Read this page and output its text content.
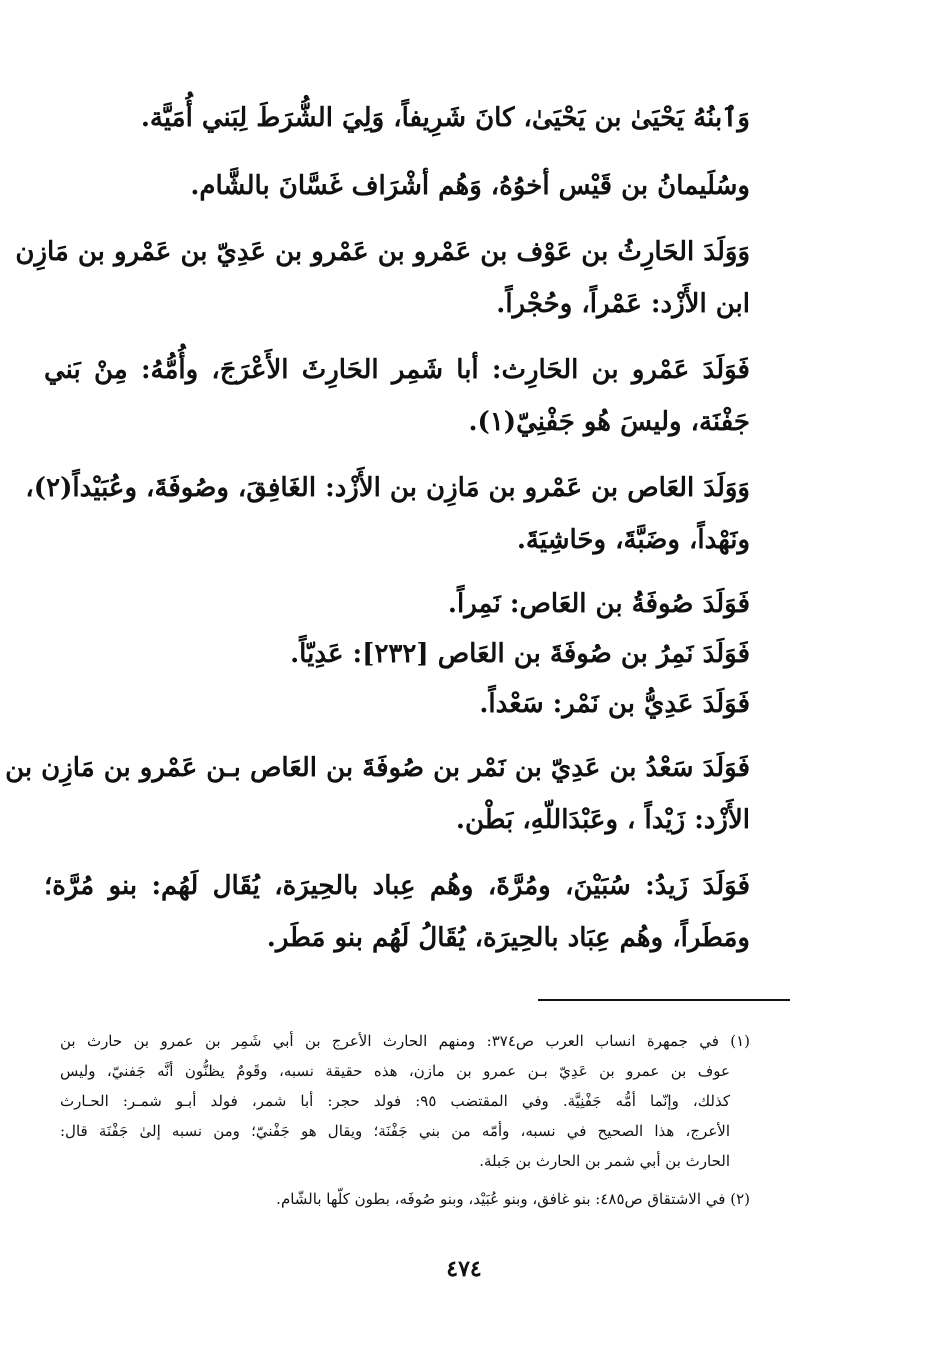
وَٱبنُهُ يَحْيَىٰ بن يَحْيَىٰ، كانَ شَرِيفاً، وَلِيَ الشُّرَطَ لِبَني أُمَيَّة.

وسُلَيمانُ بن قَيْس أخوُهُ، وَهُم أشْرَاف غَسَّانَ بالشَّام.

وَوَلَدَ الحَارِثُ بن عَوْف بن عَمْرو بن عَمْرو بن عَدِيّ بن عَمْرو بن مَازِن

ابن الأَزْد: عَمْراً، وحُجْراً.

فَوَلَدَ عَمْرو بن الحَارِث: أبا شَمِر الحَارِثَ الأَعْرَجَ، وأُمُّهُ: مِنْ بَني

جَفْنَة، وليسَ هُو جَفْنِيّ(١).

وَوَلَدَ العَاص بن عَمْرو بن مَازِن بن الأَزْد: الغَافِقَ، وصُوفَةَ، وعُبَيْداً(٢)،

ونَهْداً، وضَبَّةَ، وحَاشِيَةَ.

فَوَلَدَ صُوفَةُ بن العَاص: نَمِراً.

فَوَلَدَ نَمِرُ بن صُوفَةَ بن العَاص [٢٣٢]: عَدِيّاً.

فَوَلَدَ عَدِيُّ بن نَمْر: سَعْداً.

فَوَلَدَ سَعْدُ بن عَدِيّ بن نَمْر بن صُوفَةَ بن العَاص بـن عَمْرو بن مَازِن بن

الأَزْد: زَيْداً ، وعَبْدَاللّهِ، بَطْن.

فَوَلَدَ زَيدُ: سُبَيْنَ، ومُرَّةَ، وهُم عِباد بالحِيرَة، يُقَال لَهُم: بنو مُرَّة؛

ومَطَراً، وهُم عِبَاد بالحِيرَة، يُقَالُ لَهُم بنو مَطَر.

(١) في جمهرة انساب العرب ص٣٧٤: ومنهم الحارث الأعرج بن أبي شَمِر بن عمرو بن حارث بن

عوف بن عمرو بن عَدِيّ بـن عمرو بن مازن، هذه حقيقة نسبه، وقَومٌ يظنُّون أنَّه جَفنيّ، وليس

كذلك، وإنّما أمُّه جَفْنِيَّة. وفي المقتضب ٩٥: فولد حجر: أبا شمر، فولد أبـو شمـر: الحـارث

الأعرج، هذا الصحيح في نسبه، وأمّه من بني جَفْنَة؛ ويقال هو جَفْنيّ؛ ومن نسبه إلىٰ جَفْنَة قال:

الحارث بن أبي شمر بن الحارث بن جَبلة.

(٢) في الاشتقاق ص٤٨٥: بنو غافق، وبنو عُبَيْد، وبنو صُوفَه، بطون كلّها بالشّام.

٤٧٤
